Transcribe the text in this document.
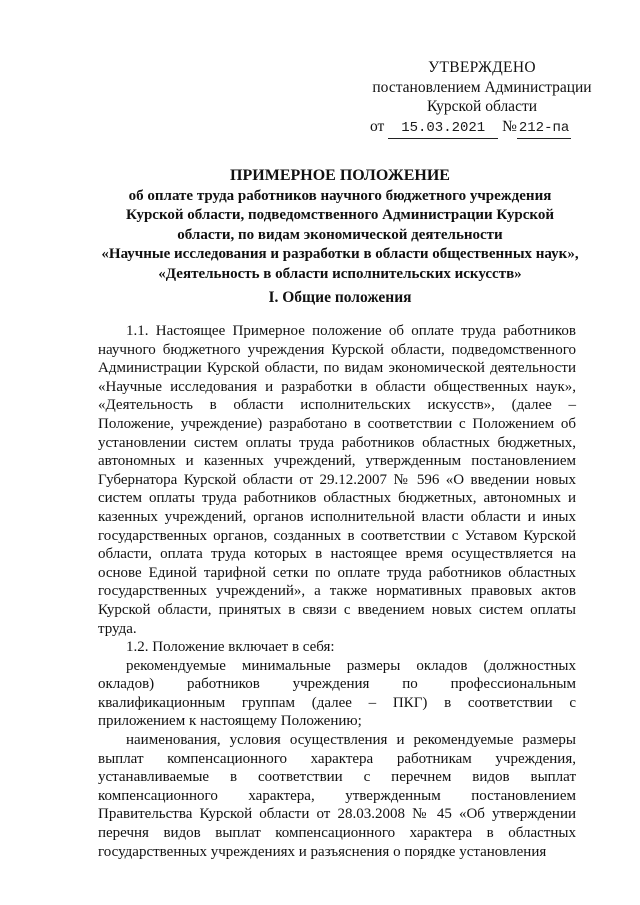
УТВЕРЖДЕНО
постановлением Администрации
Курской области
от 15.03.2021 № 212-па
ПРИМЕРНОЕ ПОЛОЖЕНИЕ
об оплате труда работников научного бюджетного учреждения
Курской области, подведомственного Администрации Курской
области, по видам экономической деятельности
«Научные исследования и разработки в области общественных наук»,
«Деятельность в области исполнительских искусств»
I. Общие положения

1.1. Настоящее Примерное положение об оплате труда работников научного бюджетного учреждения Курской области, подведомственного Администрации Курской области, по видам экономической деятельности «Научные исследования и разработки в области общественных наук», «Деятельность в области исполнительских искусств», (далее – Положение, учреждение) разработано в соответствии с Положением об установлении систем оплаты труда работников областных бюджетных, автономных и казенных учреждений, утвержденным постановлением Губернатора Курской области от 29.12.2007 № 596 «О введении новых систем оплаты труда работников областных бюджетных, автономных и казенных учреждений, органов исполнительной власти области и иных государственных органов, созданных в соответствии с Уставом Курской области, оплата труда которых в настоящее время осуществляется на основе Единой тарифной сетки по оплате труда работников областных государственных учреждений», а также нормативных правовых актов Курской области, принятых в связи с введением новых систем оплаты труда.

1.2. Положение включает в себя:

рекомендуемые минимальные размеры окладов (должностных окладов) работников учреждения по профессиональным квалификационным группам (далее – ПКГ) в соответствии с приложением к настоящему Положению;

наименования, условия осуществления и рекомендуемые размеры выплат компенсационного характера работникам учреждения, устанавливаемые в соответствии с перечнем видов выплат компенсационного характера, утвержденным постановлением Правительства Курской области от 28.03.2008 № 45 «Об утверждении перечня видов выплат компенсационного характера в областных государственных учреждениях и разъяснения о порядке установления
